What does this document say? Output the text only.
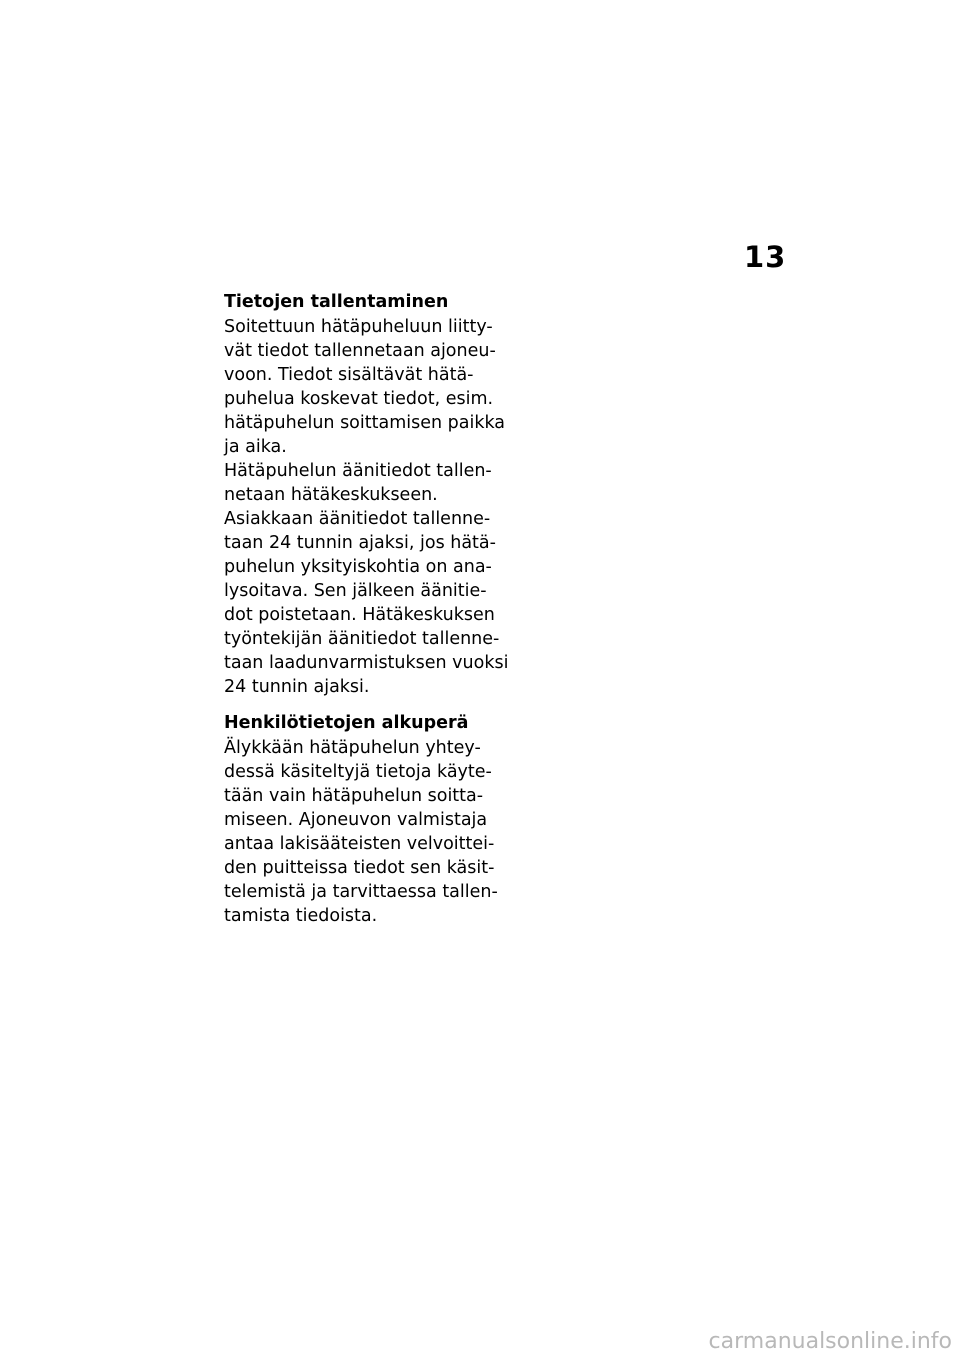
13
Tietojen tallentaminen
Soitettuun hätäpuheluun liitty-
vät tiedot tallennetaan ajoneu-
voon. Tiedot sisältävät hätä-
puhelua koskevat tiedot, esim.
hätäpuhelun soittamisen paikka
ja aika.
Hätäpuhelun äänitiedot tallen-
netaan hätäkeskukseen.
Asiakkaan äänitiedot tallenne-
taan 24 tunnin ajaksi, jos hätä-
puhelun yksityiskohtia on ana-
lysoitava. Sen jälkeen äänitie-
dot poistetaan. Hätäkeskuksen
työntekijän äänitiedot tallenne-
taan laadunvarmistuksen vuoksi
24 tunnin ajaksi.
Henkilötietojen alkuperä
Älykkään hätäpuhelun yhtey-
dessä käsiteltyjä tietoja käyte-
tään vain hätäpuhelun soitta-
miseen. Ajoneuvon valmistaja
antaa lakisääteisten velvoittei-
den puitteissa tiedot sen käsit-
telemistä ja tarvittaessa tallen-
tamista tiedoista.
carmanualsonline.info
